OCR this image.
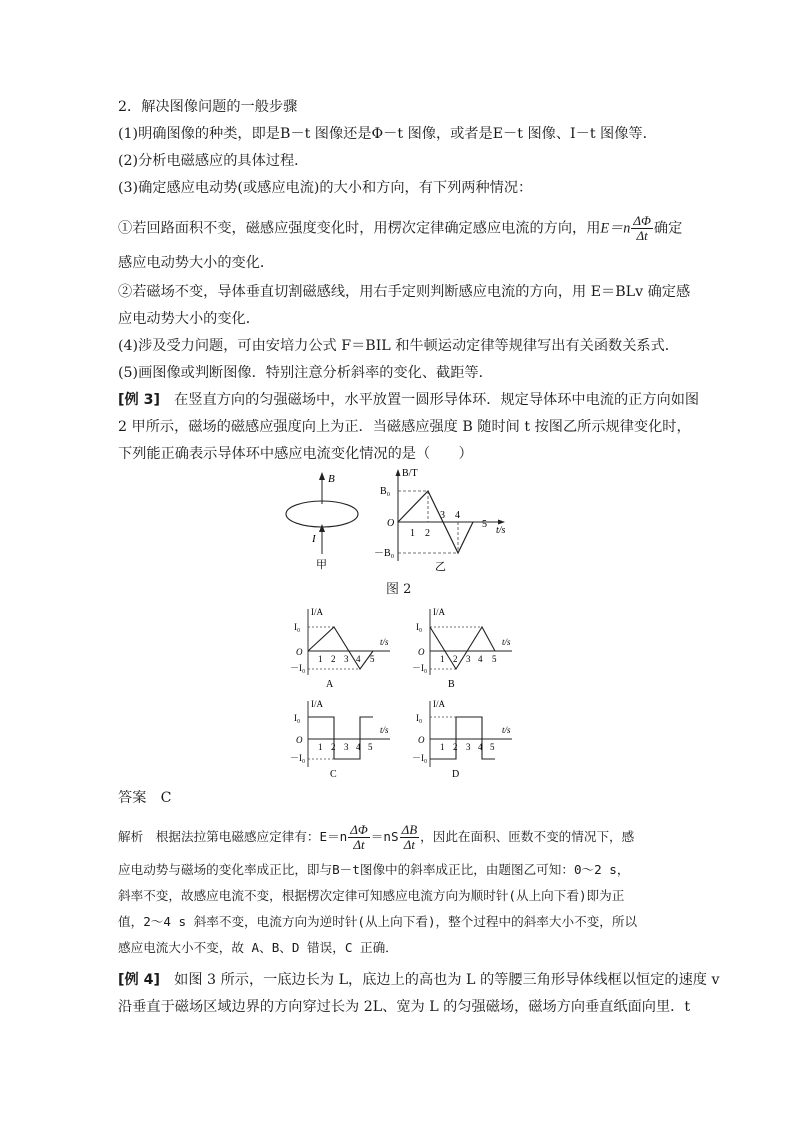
2．解决图像问题的一般步骤
(1)明确图像的种类，即是B－t 图像还是Φ－t 图像，或者是E－t 图像、I－t 图像等．
(2)分析电磁感应的具体过程．
(3)确定感应电动势(或感应电流)的大小和方向，有下列两种情况：
①若回路面积不变，磁感应强度变化时，用楞次定律确定感应电流的方向，用$E=n \frac{\Delta\Phi}{\Delta t}$ 确定
感应电动势大小的变化．
②若磁场不变，导体垂直切割磁感线，用右手定则判断感应电流的方向，用 E＝BLv 确定感
应电动势大小的变化．
(4)涉及受力问题，可由安培力公式 F＝BIL 和牛顿运动定律等规律写出有关函数关系式．
(5)画图像或判断图像．特别注意分析斜率的变化、截距等．
[例 3]　 在竖直方向的匀强磁场中，水平放置一圆形导体环．规定导体环中电流的正方向如图
2 甲所示，磁场的磁感应强度向上为正．当磁感应强度 B 随时间 t 按图乙所示规律变化时，
下列能正确表示导体环中感应电流变化情况的是（　　）
B
I
甲
B/T
t/s
O
B₀
－B₀
1 2
3 4
5
乙
图 2
I/A
t/s
O
I₀
－I₀
1 2 3 4 5
A
I/A
t/s
O
I₀
－I₀
1 2 3 4 5
B
I/A
t/s
O
I₀
－I₀
1 2 3 4 5
C
I/A
t/s
O
I₀
－I₀
1 2 3 4 5
D
答案　 C
解析　 根据法拉第电磁感应定律有：$E=n \frac{\Delta\Phi}{\Delta t} =nS \frac{\Delta B}{\Delta t}$ ，因此在面积、匝数不变的情况下，感
应电动势与磁场的变化率成正比，即与B－t图像中的斜率成正比，由题图乙可知：0～2 s，
斜率不变，故感应电流不变，根据楞次定律可知感应电流方向为顺时针(从上向下看)即为正
值，2～4 s 斜率不变，电流方向为逆时针(从上向下看)，整个过程中的斜率大小不变，所以
感应电流大小不变，故 A、B、D 错误，C 正确．
[例 4]　 如图 3 所示，一底边长为 L，底边上的高也为 L 的等腰三角形导体线框以恒定的速度 v
沿垂直于磁场区域边界的方向穿过长为 2L、宽为 L 的匀强磁场，磁场方向垂直纸面向里．t
